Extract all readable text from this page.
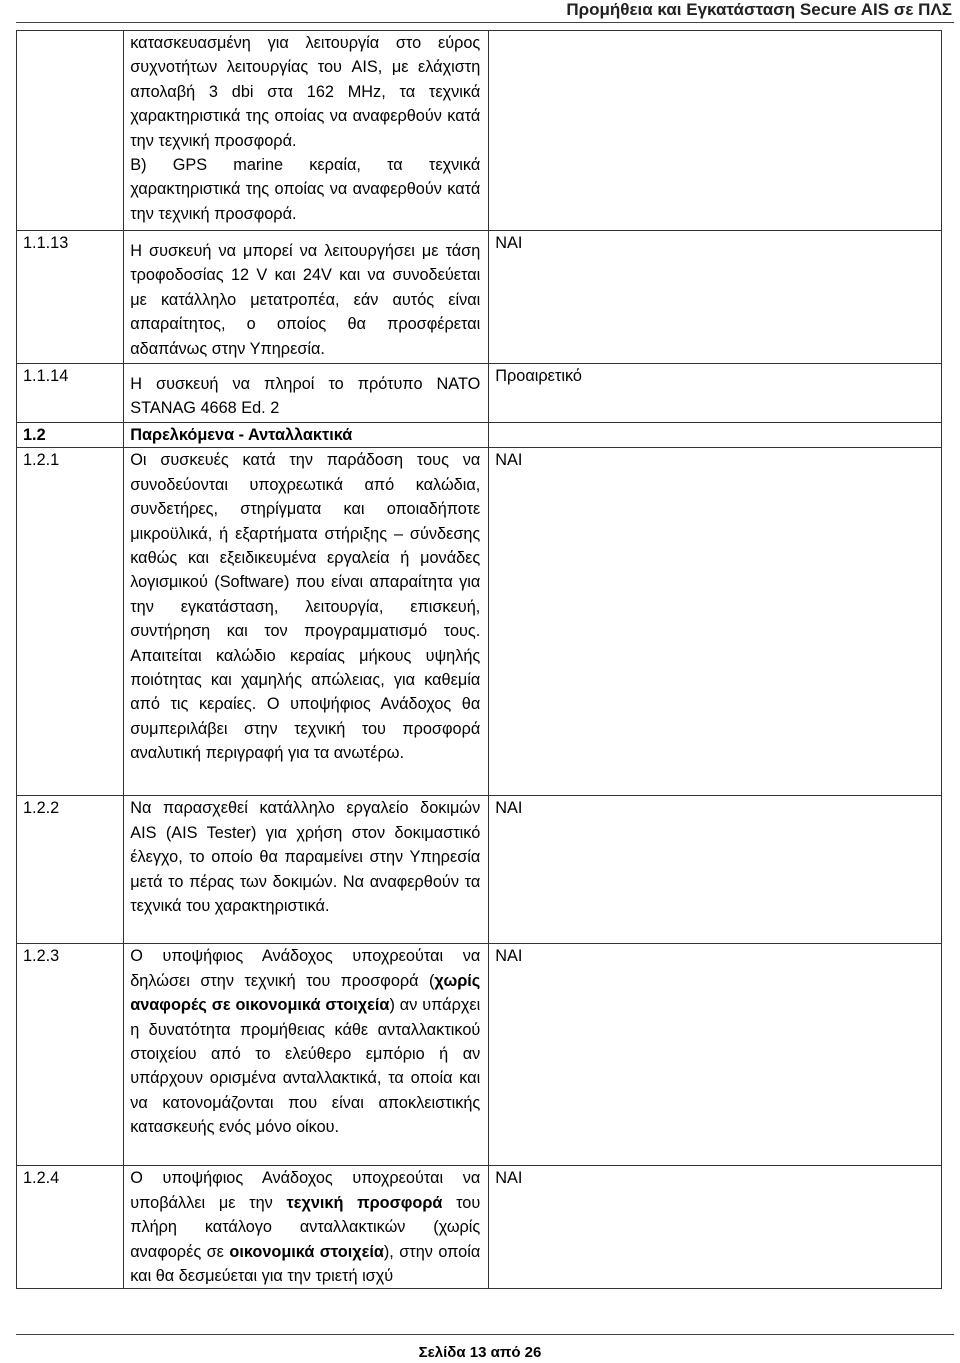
Προμήθεια και Εγκατάσταση Secure AIS σε ΠΛΣ

	κατασκευασμένη για λειτουργία στο εύρος συχνοτήτων λειτουργίας του AIS, με ελάχιστη απολαβή 3 dbi στα 162 MHz, τα τεχνικά χαρακτηριστικά της οποίας να αναφερθούν κατά την τεχνική προσφορά.
B) GPS marine κεραία, τα τεχνικά χαρακτηριστικά της οποίας να αναφερθούν κατά την τεχνική προσφορά.	

1.1.13	Η συσκευή να μπορεί να λειτουργήσει με τάση τροφοδοσίας 12 V και 24V και να συνοδεύεται με κατάλληλο μετατροπέα, εάν αυτός είναι απαραίτητος, ο οποίος θα προσφέρεται αδαπάνως στην Υπηρεσία.	ΝΑΙ
1.1.14	Η συσκευή να πληροί το πρότυπο ΝΑΤΟ STANAG 4668 Ed. 2	Προαιρετικό
1.2	Παρελκόμενα - Ανταλλακτικά	
1.2.1	Οι συσκευές κατά την παράδοση τους να συνοδεύονται υποχρεωτικά από καλώδια, συνδετήρες, στηρίγματα και οποιαδήποτε μικροϋλικά, ή εξαρτήματα στήριξης – σύνδεσης καθώς και εξειδικευμένα εργαλεία ή μονάδες λογισμικού (Software) που είναι απαραίτητα για την εγκατάσταση, λειτουργία, επισκευή, συντήρηση και τον προγραμματισμό τους. Απαιτείται καλώδιο κεραίας μήκους υψηλής ποιότητας και χαμηλής απώλειας, για καθεμία από τις κεραίες. Ο υποψήφιος Ανάδοχος θα συμπεριλάβει στην τεχνική του προσφορά αναλυτική περιγραφή για τα ανωτέρω.	ΝΑΙ
1.2.2	Να παρασχεθεί κατάλληλο εργαλείο δοκιμών AIS (AIS Tester) για χρήση στον δοκιμαστικό έλεγχο, το οποίο θα παραμείνει στην Υπηρεσία μετά το πέρας των δοκιμών. Να αναφερθούν τα τεχνικά του χαρακτηριστικά.	ΝΑΙ
1.2.3	Ο υποψήφιος Ανάδοχος υποχρεούται να δηλώσει στην τεχνική του προσφορά (χωρίς αναφορές σε οικονομικά στοιχεία) αν υπάρχει η δυνατότητα προμήθειας κάθε ανταλλακτικού στοιχείου από το ελεύθερο εμπόριο ή αν υπάρχουν ορισμένα ανταλλακτικά, τα οποία και να κατονομάζονται που είναι αποκλειστικής κατασκευής ενός μόνο οίκου.	ΝΑΙ
1.2.4	Ο υποψήφιος Ανάδοχος υποχρεούται να υποβάλλει με την τεχνική προσφορά του πλήρη κατάλογο ανταλλακτικών (χωρίς αναφορές σε οικονομικά στοιχεία), στην οποία και θα δεσμεύεται για την τριετή ισχύ	ΝΑΙ
Σελίδα 13 από 26
